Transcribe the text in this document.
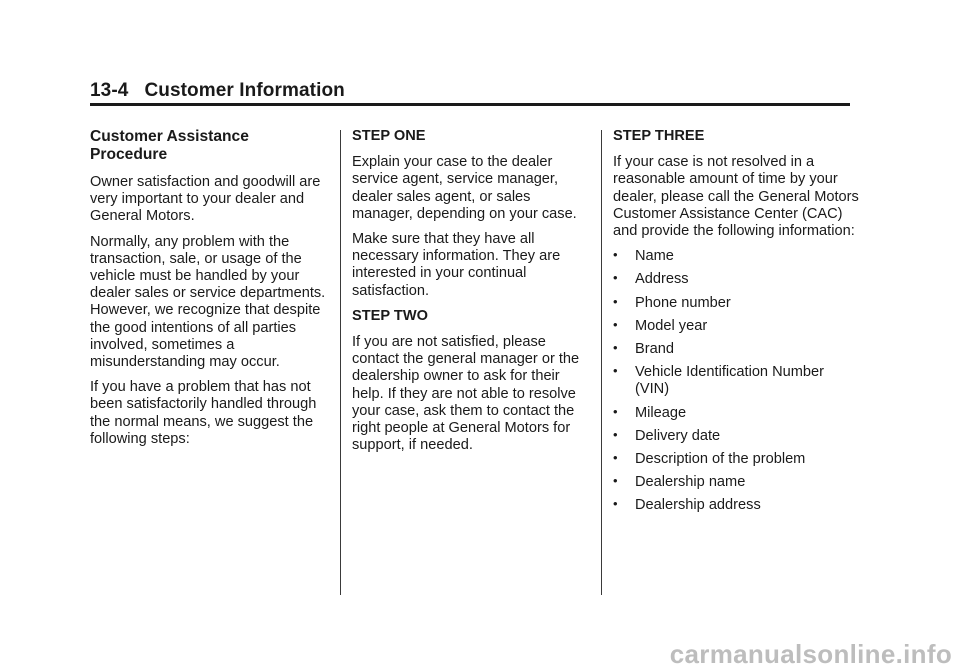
13-4 Customer Information
Customer Assistance Procedure

Owner satisfaction and goodwill are very important to your dealer and General Motors.

Normally, any problem with the transaction, sale, or usage of the vehicle must be handled by your dealer sales or service departments. However, we recognize that despite the good intentions of all parties involved, sometimes a misunderstanding may occur.

If you have a problem that has not been satisfactorily handled through the normal means, we suggest the following steps:

STEP ONE

Explain your case to the dealer service agent, service manager, dealer sales agent, or sales manager, depending on your case.

Make sure that they have all necessary information. They are interested in your continual satisfaction.

STEP TWO

If you are not satisfied, please contact the general manager or the dealership owner to ask for their help. If they are not able to resolve your case, ask them to contact the right people at General Motors for support, if needed.

STEP THREE

If your case is not resolved in a reasonable amount of time by your dealer, please call the General Motors Customer Assistance Center (CAC) and provide the following information:

• Name
• Address
• Phone number
• Model year
• Brand
• Vehicle Identification Number (VIN)
• Mileage
• Delivery date
• Description of the problem
• Dealership name
• Dealership address
carmanualsonline.info
